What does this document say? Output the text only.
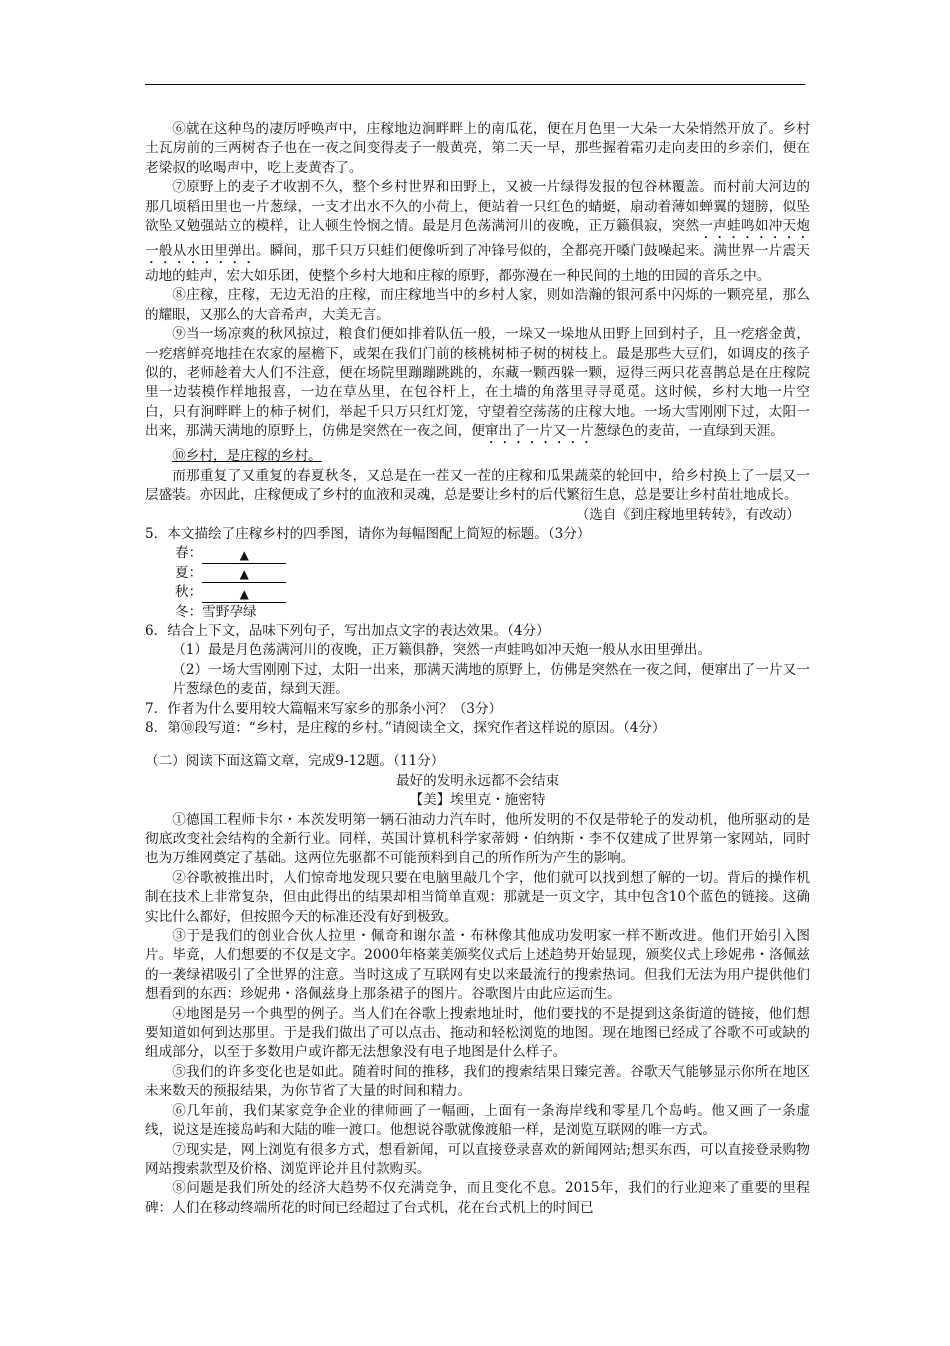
⑥就在这种鸟的凄厉呼唤声中，庄稼地边涧畔畔上的南瓜花，便在月色里一大朵一大朵悄然开放了。乡村土瓦房前的三两树杏子也在一夜之间变得麦子一般黄亮，第二天一早，那些握着霜刃走向麦田的乡亲们，便在老梁叔的吆喝声中，吃上麦黄杏了。

⑦原野上的麦子才收割不久，整个乡村世界和田野上，又被一片绿得发报的包谷林覆盖。而村前大河边的那几顷稻田里也一片葱绿，一支才出水不久的小荷上，便站着一只红色的蜻蜓，扇动着薄如蝉翼的翅膀，似坠欲坠又勉强站立的模样，让人顿生怜悯之情。最是月色荡满河川的夜晚，正万籁俱寂，突然一声蛙鸣如冲天炮一般从水田里弹出。瞬间，那千只万只蛙们便像听到了冲锋号似的，全都亮开嗓门鼓噪起来。满世界一片震天动地的蛙声，宏大如乐团，使整个乡村大地和庄稼的原野，都弥漫在一种民间的土地的田园的音乐之中。

⑧庄稼，庄稼，无边无沿的庄稼，而庄稼地当中的乡村人家，则如浩瀚的银河系中闪烁的一颗亮星，那么的耀眼，又那么的大音希声，大美无言。

⑨当一场凉爽的秋风掠过，粮食们便如排着队伍一般，一垛又一垛地从田野上回到村子，且一疙瘩金黄，一疙瘩鲜亮地挂在农家的屋檐下，或架在我们门前的核桃树柿子树的树枝上。最是那些大豆们，如调皮的孩子似的，老师趁着大人们不注意，便在场院里蹦蹦跳跳的，东藏一颗西躲一颗，逗得三两只花喜鹊总是在庄稼院里一边装模作样地报喜，一边在草丛里，在包谷杆上，在土墙的角落里寻寻觅觅。这时候，乡村大地一片空白，只有涧畔畔上的柿子树们，举起千只万只红灯笼，守望着空荡荡的庄稼大地。一场大雪刚刚下过，太阳一出来，那满天满地的原野上，仿佛是突然在一夜之间，便窜出了一片又一片葱绿色的麦苗，一直绿到天涯。

⑩乡村，是庄稼的乡村。

而那重复了又重复的春夏秋冬，又总是在一茬又一茬的庄稼和瓜果蔬菜的轮回中，给乡村换上了一层又一层盛装。亦因此，庄稼便成了乡村的血液和灵魂，总是要让乡村的后代繁衍生息，总是要让乡村苗壮地成长。

（选自《到庄稼地里转转》，有改动）

5．本文描绘了庄稼乡村的四季图，请你为每幅图配上简短的标题。（3分）

春：	▲

夏：	▲

秋：	▲

冬：雪野孕绿

6．结合上下文，品味下列句子，写出加点文字的表达效果。（4分）

（1）最是月色荡满河川的夜晚，正万籁俱静，突然一声蛙鸣如冲天炮一般从水田里弹出。

（2）一场大雪刚刚下过，太阳一出来，那满天满地的原野上，仿佛是突然在一夜之间，便窜出了一片又一片葱绿色的麦苗，绿到天涯。

7．作者为什么要用较大篇幅来写家乡的那条小河？（3分）

8．第⑩段写道：“乡村，是庄稼的乡村。”请阅读全文，探究作者这样说的原因。（4分）

（二）阅读下面这篇文章，完成9-12题。（11分）

最好的发明永远都不会结束

【美】埃里克・施密特

①德国工程师卡尔・本茨发明第一辆石油动力汽车时，他所发明的不仅是带轮子的发动机，他所驱动的是彻底改变社会结构的全新行业。同样，英国计算机科学家蒂姆・伯纳斯・李不仅建成了世界第一家网站，同时也为万维网奠定了基础。这两位先驱都不可能预料到自己的所作所为产生的影响。

②谷歌被推出时，人们惊奇地发现只要在电脑里敲几个字，他们就可以找到想了解的一切。背后的操作机制在技术上非常复杂，但由此得出的结果却相当简单直观：那就是一页文字，其中包含10个蓝色的链接。这确实比什么都好，但按照今天的标准还没有好到极致。

③于是我们的创业合伙人拉里・佩奇和谢尔盖・布林像其他成功发明家一样不断改进。他们开始引入图片。毕竟，人们想要的不仅是文字。2000年格莱美颁奖仪式后上述趋势开始显现，颁奖仪式上珍妮弗・洛佩兹的一袭绿裙吸引了全世界的注意。当时这成了互联网有史以来最流行的搜索热词。但我们无法为用户提供他们想看到的东西：珍妮弗・洛佩兹身上那条裙子的图片。谷歌图片由此应运而生。

④地图是另一个典型的例子。当人们在谷歌上搜索地址时，他们要找的不是提到这条街道的链接，他们想要知道如何到达那里。于是我们做出了可以点击、拖动和轻松浏览的地图。现在地图已经成了谷歌不可或缺的组成部分，以至于多数用户或许都无法想象没有电子地图是什么样子。

⑤我们的许多变化也是如此。随着时间的推移，我们的搜索结果日臻完善。谷歌天气能够显示你所在地区未来数天的预报结果，为你节省了大量的时间和精力。

⑥几年前，我们某家竞争企业的律师画了一幅画，上面有一条海岸线和零星几个岛屿。他又画了一条虚线，说这是连接岛屿和大陆的唯一渡口。他想说谷歌就像渡船一样，是浏览互联网的唯一方式。

⑦现实是，网上浏览有很多方式，想看新闻，可以直接登录喜欢的新闻网站;想买东西，可以直接登录购物网站搜索款型及价格、浏览评论并且付款购买。

⑧问题是我们所处的经济大趋势不仅充满竞争，而且变化不息。2015年，我们的行业迎来了重要的里程碑：人们在移动终端所花的时间已经超过了台式机，花在台式机上的时间已
